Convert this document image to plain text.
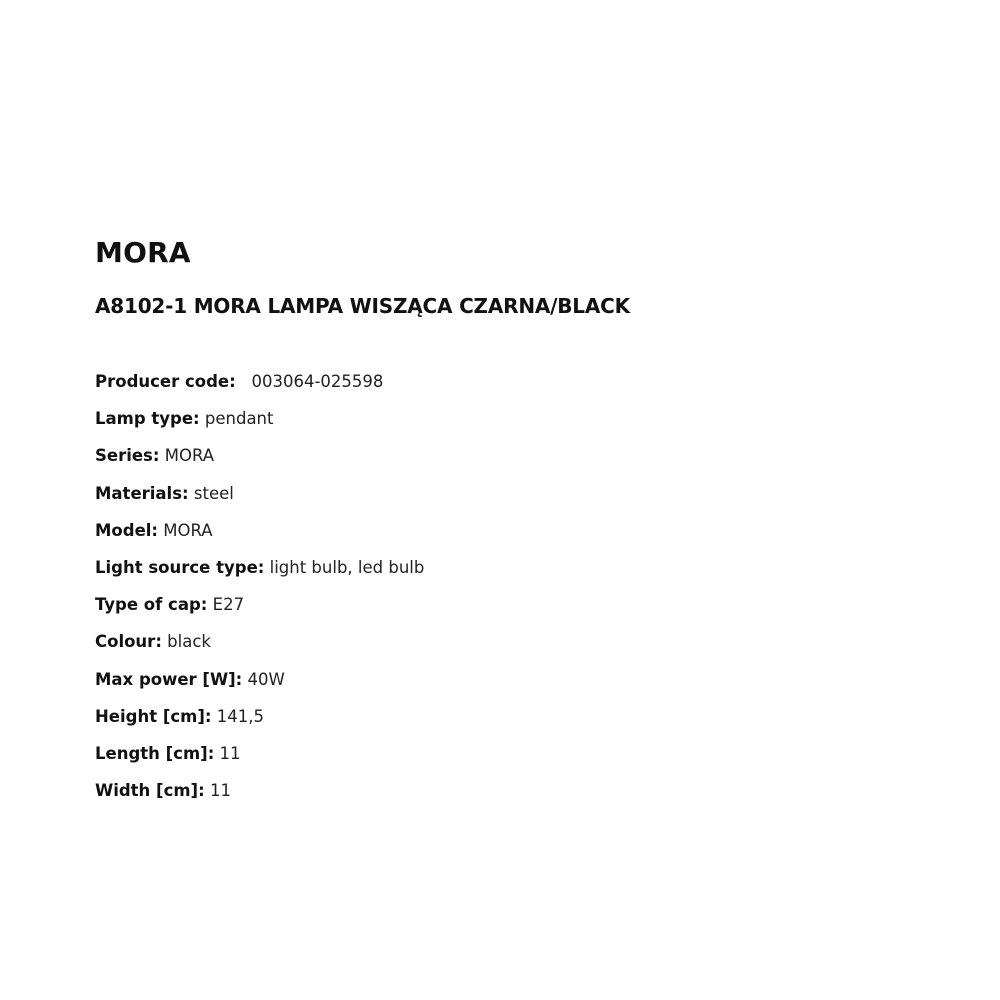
MORA
A8102-1 MORA LAMPA WISZĄCA CZARNA/BLACK
Producer code: 003064-025598
Lamp type: pendant
Series: MORA
Materials: steel
Model: MORA
Light source type: light bulb, led bulb
Type of cap: E27
Colour: black
Max power [W]: 40W
Height [cm]: 141,5
Length [cm]: 11
Width [cm]: 11
